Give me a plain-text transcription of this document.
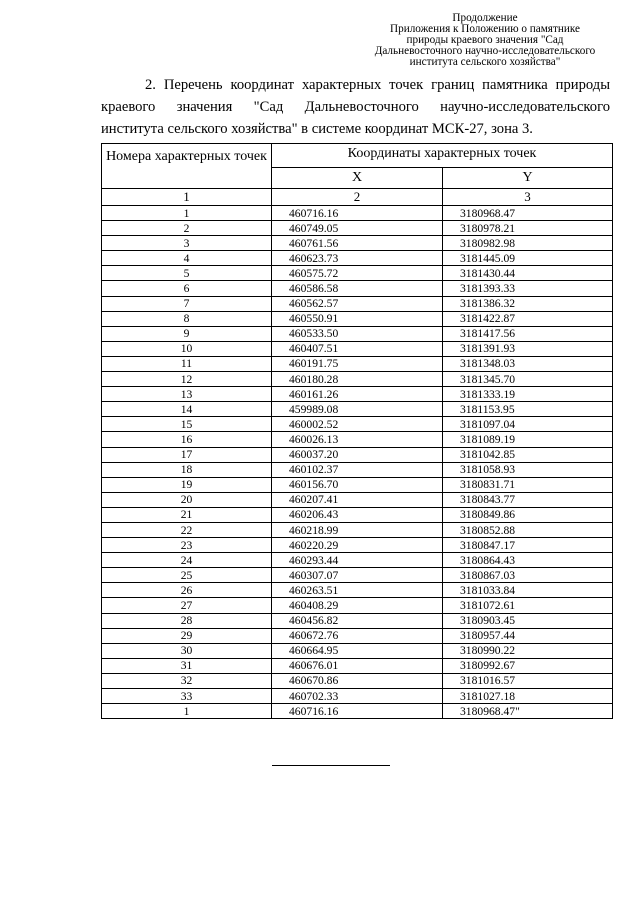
Продолжение
Приложения к Положению о памятнике
природы краевого значения "Сад
Дальневосточного научно-исследовательского
института сельского хозяйства"
2. Перечень координат характерных точек границ памятника природы краевого значения "Сад Дальневосточного научно-исследовательского
института сельского хозяйства" в системе координат МСК-27, зона 3.
Номера характерных точек	Координаты характерных точек	
	X	Y
1	2	3
1	460716.16	3180968.47
2	460749.05	3180978.21
3	460761.56	3180982.98
4	460623.73	3181445.09
5	460575.72	3181430.44
6	460586.58	3181393.33
7	460562.57	3181386.32
8	460550.91	3181422.87
9	460533.50	3181417.56
10	460407.51	3181391.93
11	460191.75	3181348.03
12	460180.28	3181345.70
13	460161.26	3181333.19
14	459989.08	3181153.95
15	460002.52	3181097.04
16	460026.13	3181089.19
17	460037.20	3181042.85
18	460102.37	3181058.93
19	460156.70	3180831.71
20	460207.41	3180843.77
21	460206.43	3180849.86
22	460218.99	3180852.88
23	460220.29	3180847.17
24	460293.44	3180864.43
25	460307.07	3180867.03
26	460263.51	3181033.84
27	460408.29	3181072.61
28	460456.82	3180903.45
29	460672.76	3180957.44
30	460664.95	3180990.22
31	460676.01	3180992.67
32	460670.86	3181016.57
33	460702.33	3181027.18
1	460716.16	3180968.47"
